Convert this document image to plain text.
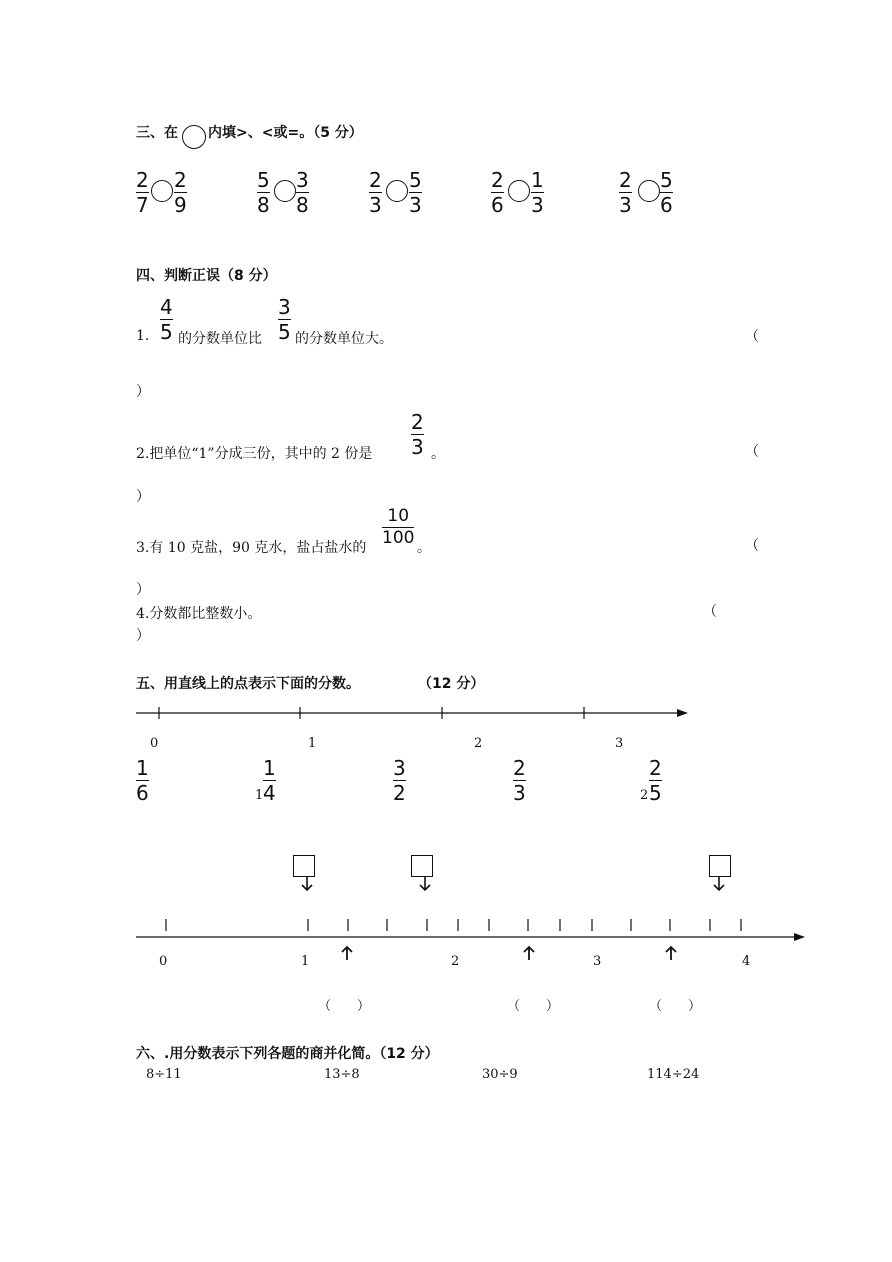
三、在 内填>、<或=。（5 分）
2
7
2
9
5
8
3
8
2
3
5
3
2
6
1
3
2
3
5
6
四、判断正误（8 分）
1.
4
5 的分数单位比
3
5 的分数单位大。	（
）
2.把单位“1”分成三份，其中的 2 份是
2
3 。	（
）
3.有 10 克盐，90 克水，盐占盐水的
10
100 。	（
）
4.分数都比整数小。	（
）
五、用直线上的点表示下面的分数。	（12 分）
0	1	2	3
1
6	1
1
4
3
2
2
3	2
2
5
0	1	2	3	4
（　　）	（　　）	（　　）
六、.用分数表示下列各题的商并化简。（12 分）
8÷11	13÷8	30÷9	114÷24
